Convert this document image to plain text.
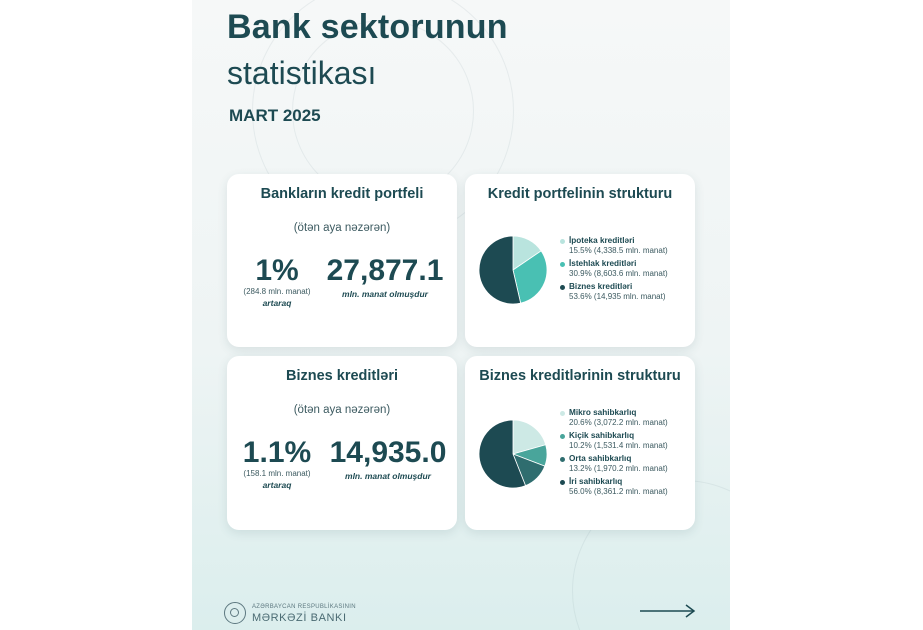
Bank sektorunun
statistikası
MART 2025
Bankların kredit portfeli
(ötən aya nəzərən)
1%
(284.8 mln. manat)
artaraq
27,877.1
mln. manat olmuşdur
Kredit portfelinin strukturu
İpoteka kreditləri
15.5% (4,338.5 mln. manat)
İstehlak kreditləri
30.9% (8,603.6 mln. manat)
Biznes kreditləri
53.6% (14,935 mln. manat)
Biznes kreditləri
(ötən aya nəzərən)
1.1%
(158.1 mln. manat)
artaraq
14,935.0
mln. manat olmuşdur
Biznes kreditlərinin strukturu
Mikro sahibkarlıq
20.6% (3,072.2 mln. manat)
Kiçik sahibkarlıq
10.2% (1,531.4 mln. manat)
Orta sahibkarlıq
13.2% (1,970.2 mln. manat)
İri sahibkarlıq
56.0% (8,361.2 mln. manat)
AZƏRBAYCAN RESPUBLİKASININ
MƏRKƏZİ BANKI
